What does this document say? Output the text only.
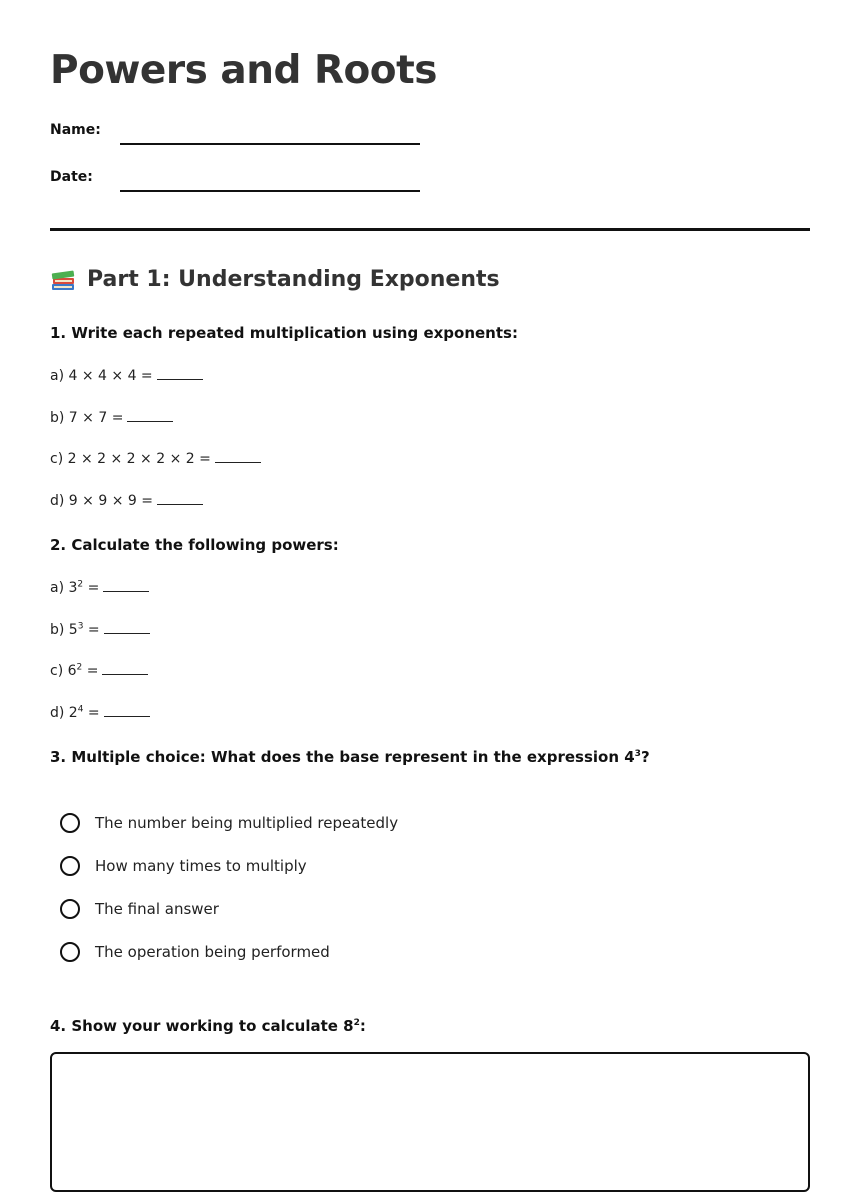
Powers and Roots
Name:
Date:
Part 1: Understanding Exponents
1. Write each repeated multiplication using exponents:
a) 4 × 4 × 4 =
b) 7 × 7 =
c) 2 × 2 × 2 × 2 × 2 =
d) 9 × 9 × 9 =
2. Calculate the following powers:
a) $3^2$ =
b) $5^3$ =
c) $6^2$ =
d) $2^4$ =
3. Multiple choice: What does the base represent in the expression $4^3$?
The number being multiplied repeatedly
How many times to multiply
The final answer
The operation being performed
4. Show your working to calculate $8^2$:
